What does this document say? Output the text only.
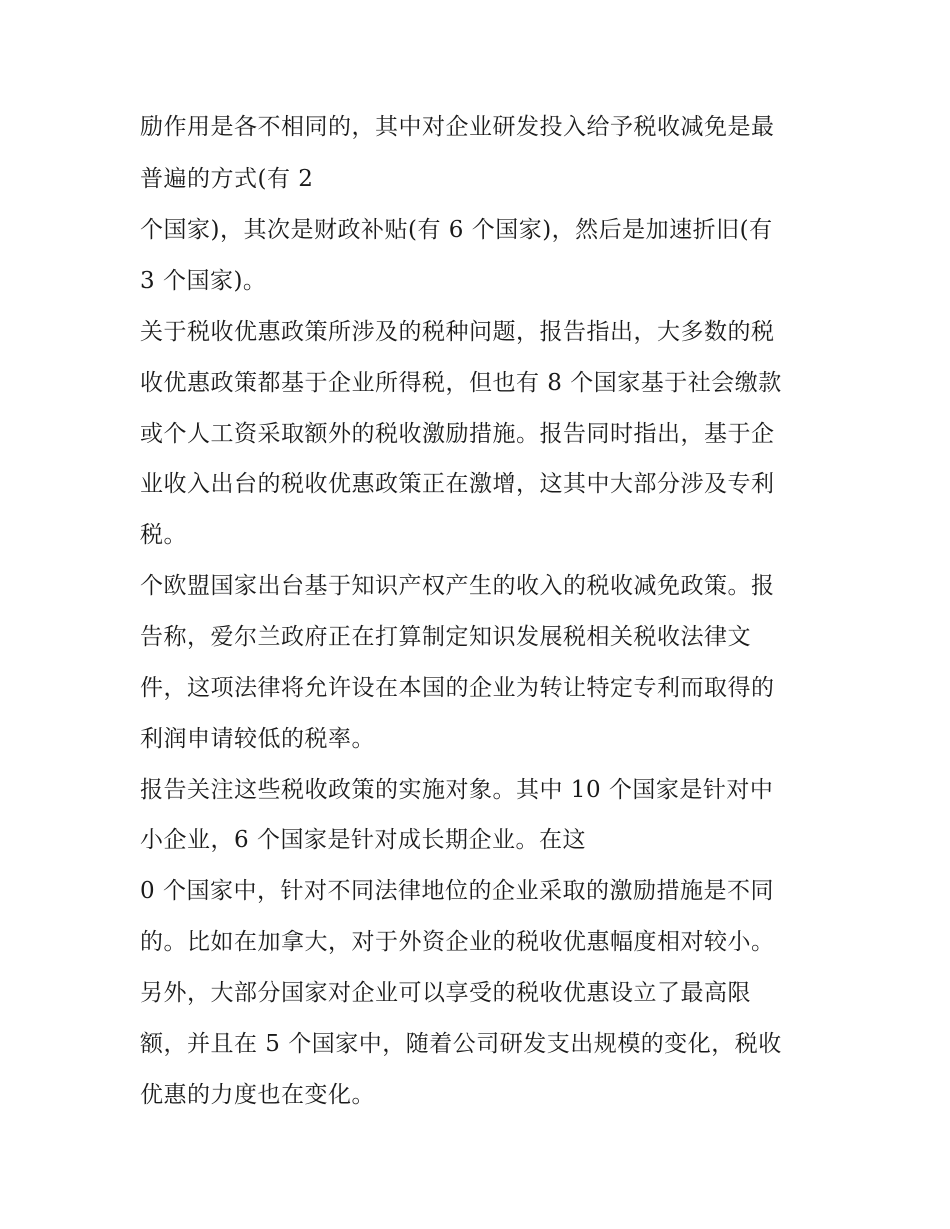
励作用是各不相同的，其中对企业研发投入给予税收减免是最
普遍的方式(有 2
个国家)，其次是财政补贴(有 6 个国家)，然后是加速折旧(有
3 个国家)。
关于税收优惠政策所涉及的税种问题，报告指出，大多数的税
收优惠政策都基于企业所得税，但也有 8 个国家基于社会缴款
或个人工资采取额外的税收激励措施。报告同时指出，基于企
业收入出台的税收优惠政策正在激增，这其中大部分涉及专利
税。
个欧盟国家出台基于知识产权产生的收入的税收减免政策。报
告称，爱尔兰政府正在打算制定知识发展税相关税收法律文
件，这项法律将允许设在本国的企业为转让特定专利而取得的
利润申请较低的税率。
报告关注这些税收政策的实施对象。其中 10 个国家是针对中
小企业，6 个国家是针对成长期企业。在这
0 个国家中，针对不同法律地位的企业采取的激励措施是不同
的。比如在加拿大，对于外资企业的税收优惠幅度相对较小。
另外，大部分国家对企业可以享受的税收优惠设立了最高限
额，并且在 5 个国家中，随着公司研发支出规模的变化，税收
优惠的力度也在变化。
